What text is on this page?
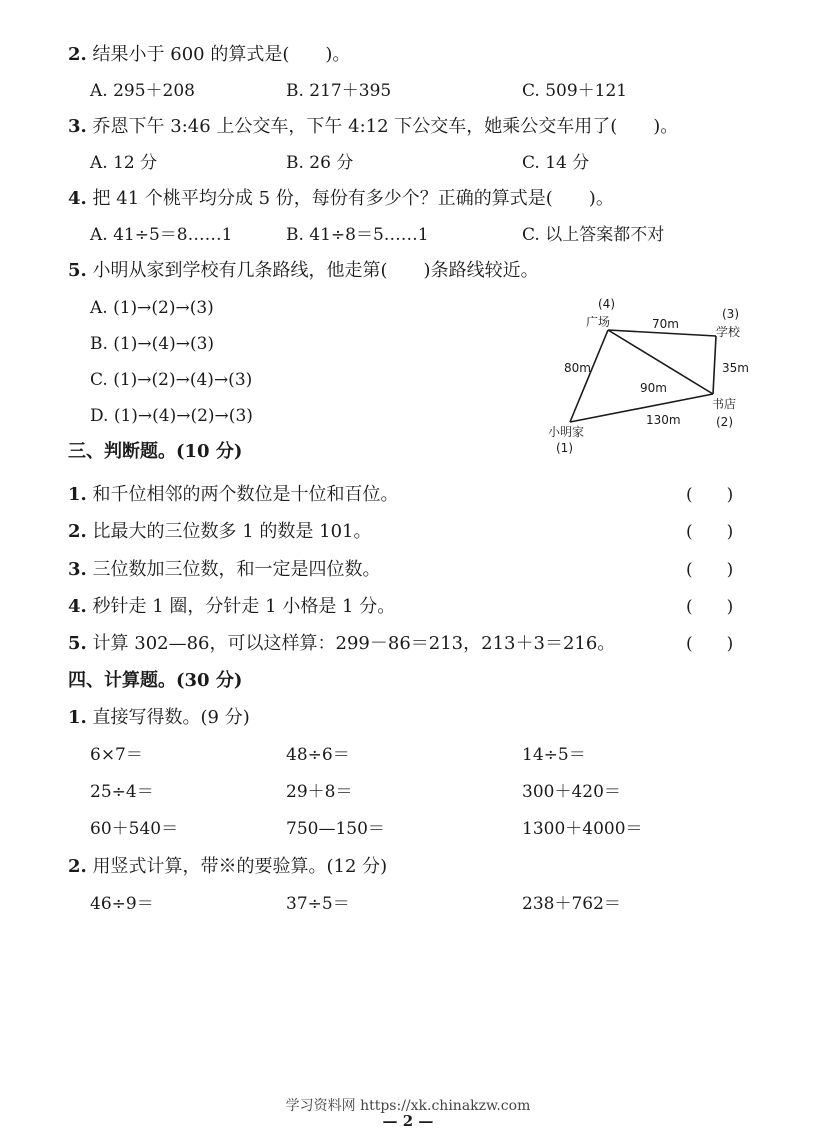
2. 结果小于 600 的算式是(　　)。
A. 295＋208	B. 217＋395	C. 509＋121
3. 乔恩下午 3:46 上公交车，下午 4:12 下公交车，她乘公交车用了(　　)。
A. 12 分	B. 26 分	C. 14 分
4. 把 41 个桃平均分成 5 份，每份有多少个？正确的算式是(　　)。
A. 41÷5＝8……1	B. 41÷8＝5……1	C. 以上答案都不对
5. 小明从家到学校有几条路线，他走第(　　)条路线较近。
A. (1)→(2)→(3)
B. (1)→(4)→(3)
C. (1)→(2)→(4)→(3)
D. (1)→(4)→(2)→(3)
(4)
广场
(3)
学校
书店
(2)
小明家
(1)
70m
35m
80m
90m
130m
三、判断题。(10 分)
1. 和千位相邻的两个数位是十位和百位。	(　　)
2. 比最大的三位数多 1 的数是 101。	(　　)
3. 三位数加三位数，和一定是四位数。	(　　)
4. 秒针走 1 圈，分针走 1 小格是 1 分。	(　　)
5. 计算 302—86，可以这样算：299－86＝213，213＋3＝216。	(　　)
四、计算题。(30 分)
1. 直接写得数。(9 分)
6×7＝	48÷6＝	14÷5＝
25÷4＝	29＋8＝	300＋420＝
60＋540＝	750—150＝	1300＋4000＝
2. 用竖式计算，带※的要验算。(12 分)
46÷9＝	37÷5＝	238＋762＝
学习资料网 https://xk.chinakzw.com
— 2 —
